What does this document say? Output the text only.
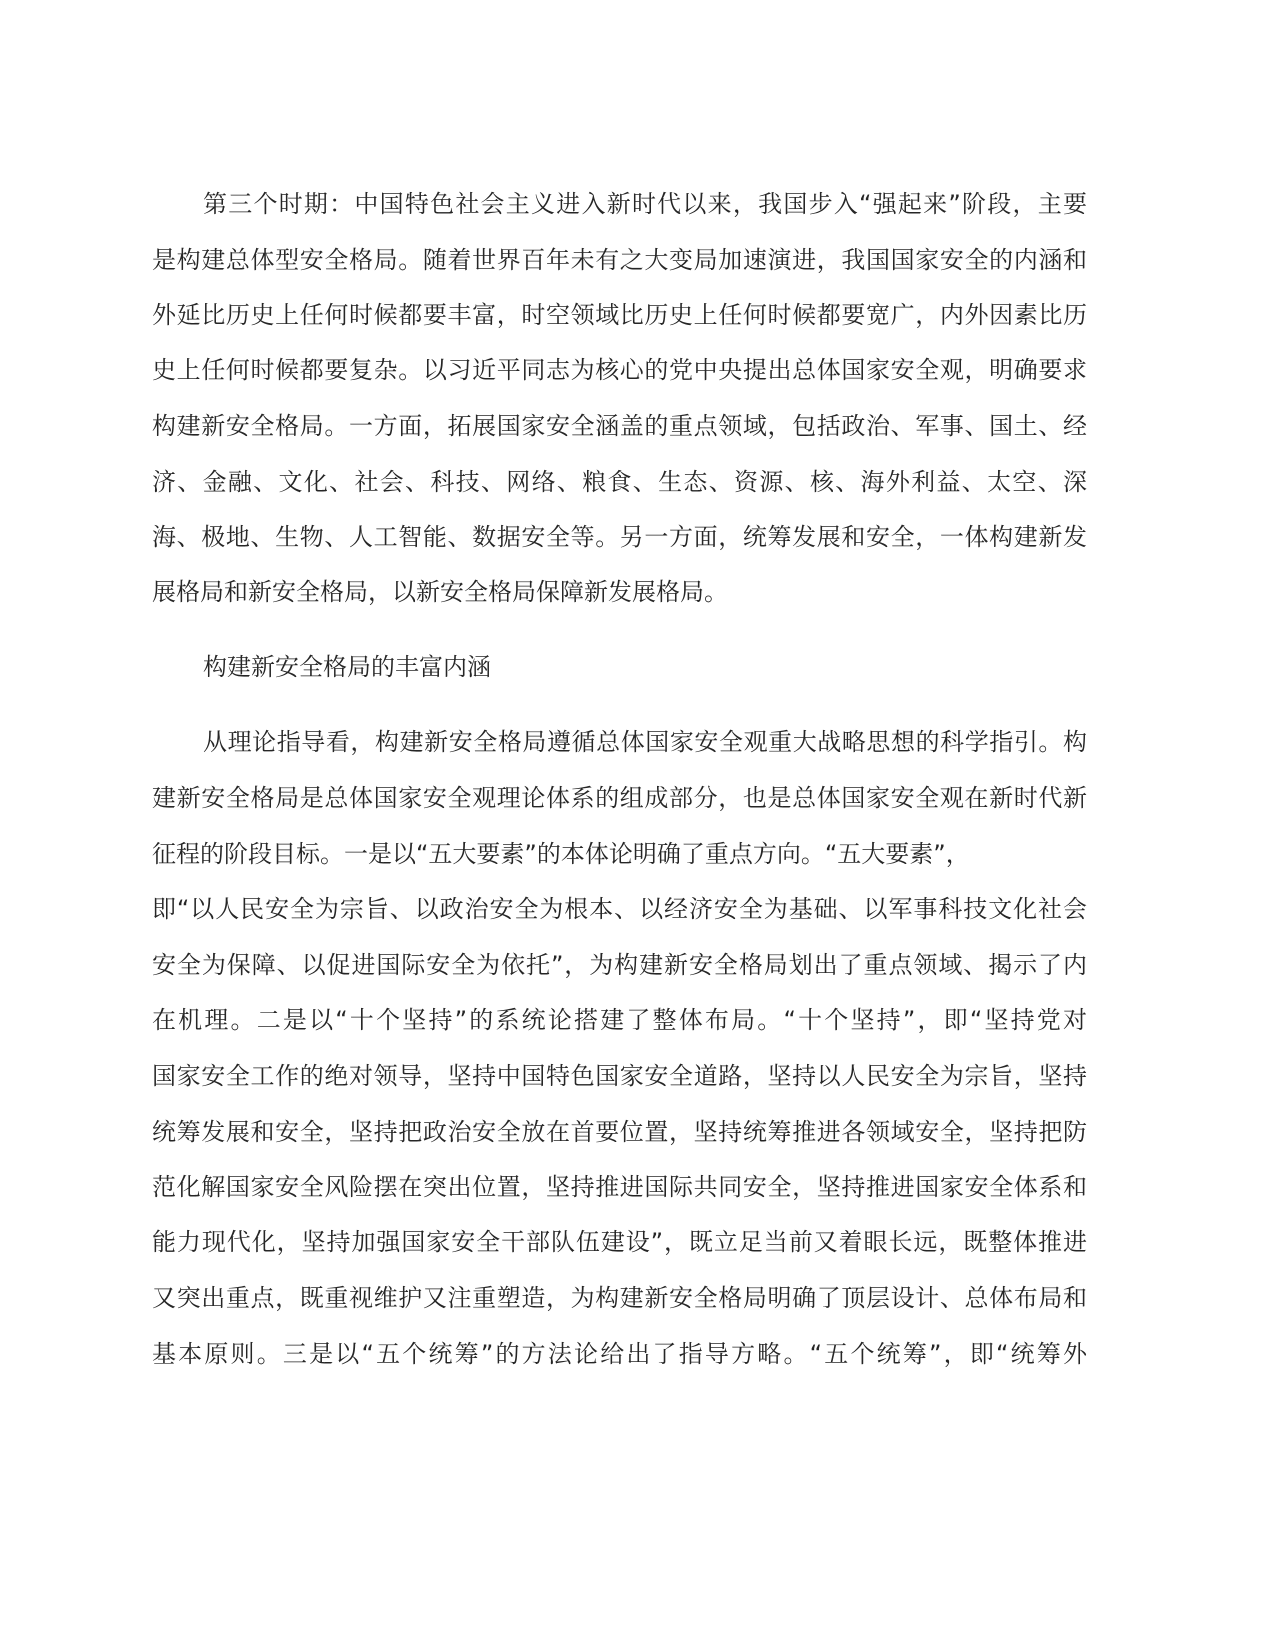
第三个时期：中国特色社会主义进入新时代以来，我国步入“强起来”阶段，主要
是构建总体型安全格局。随着世界百年未有之大变局加速演进，我国国家安全的内涵和
外延比历史上任何时候都要丰富，时空领域比历史上任何时候都要宽广，内外因素比历
史上任何时候都要复杂。以习近平同志为核心的党中央提出总体国家安全观，明确要求
构建新安全格局。一方面，拓展国家安全涵盖的重点领域，包括政治、军事、国土、经
济、金融、文化、社会、科技、网络、粮食、生态、资源、核、海外利益、太空、深
海、极地、生物、人工智能、数据安全等。另一方面，统筹发展和安全，一体构建新发
展格局和新安全格局，以新安全格局保障新发展格局。
构建新安全格局的丰富内涵
从理论指导看，构建新安全格局遵循总体国家安全观重大战略思想的科学指引。构
建新安全格局是总体国家安全观理论体系的组成部分，也是总体国家安全观在新时代新
征程的阶段目标。一是以“五大要素”的本体论明确了重点方向。“五大要素”，
即“以人民安全为宗旨、以政治安全为根本、以经济安全为基础、以军事科技文化社会
安全为保障、以促进国际安全为依托”，为构建新安全格局划出了重点领域、揭示了内
在机理。二是以“十个坚持”的系统论搭建了整体布局。“十个坚持”，即“坚持党对
国家安全工作的绝对领导，坚持中国特色国家安全道路，坚持以人民安全为宗旨，坚持
统筹发展和安全，坚持把政治安全放在首要位置，坚持统筹推进各领域安全，坚持把防
范化解国家安全风险摆在突出位置，坚持推进国际共同安全，坚持推进国家安全体系和
能力现代化，坚持加强国家安全干部队伍建设”，既立足当前又着眼长远，既整体推进
又突出重点，既重视维护又注重塑造，为构建新安全格局明确了顶层设计、总体布局和
基本原则。三是以“五个统筹”的方法论给出了指导方略。“五个统筹”，即“统筹外
